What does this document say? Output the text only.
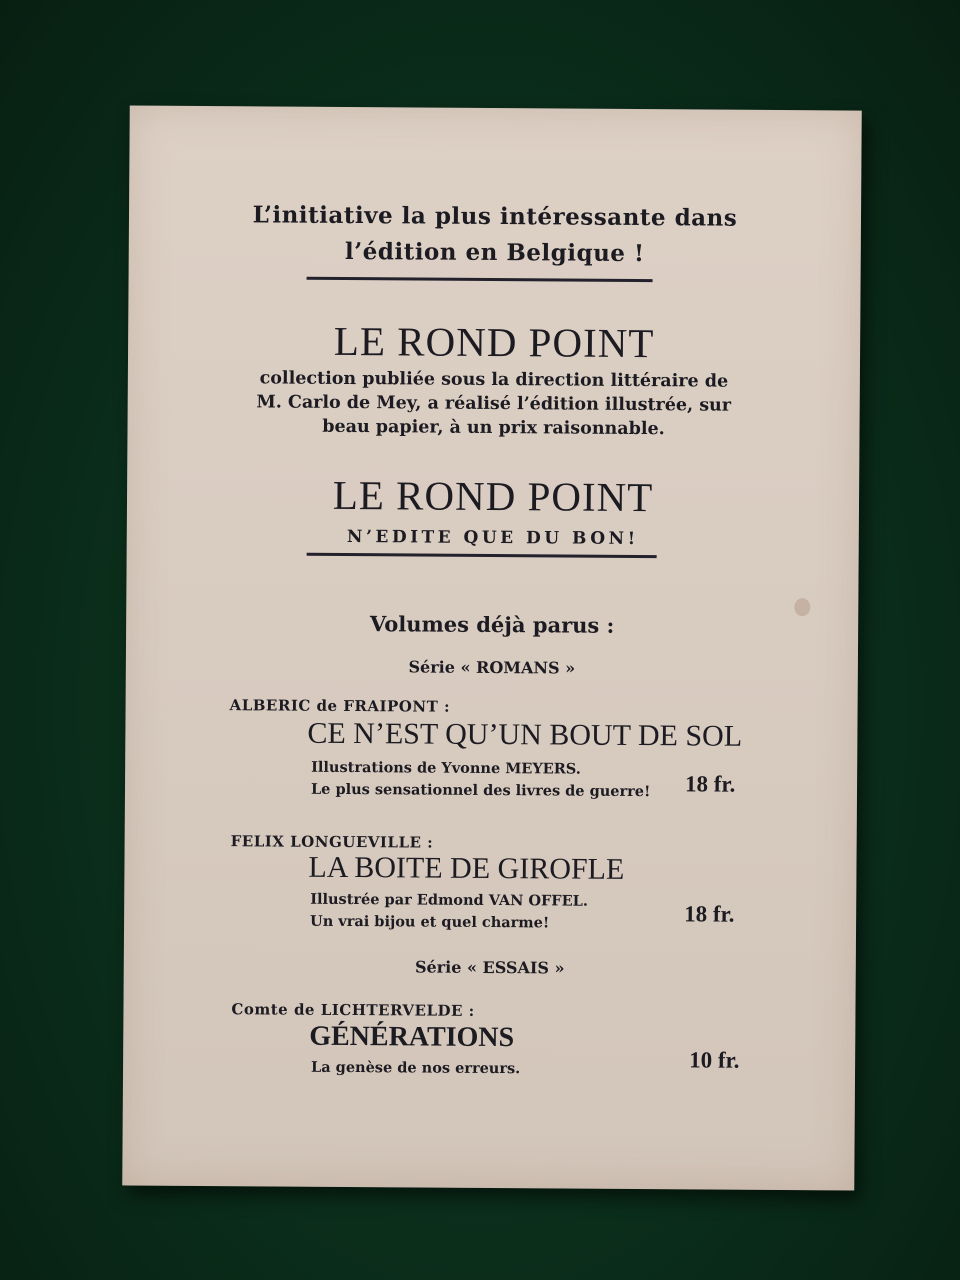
L’initiative la plus intéressante dans
l’édition en Belgique !
LE ROND POINT
collection publiée sous la direction littéraire de
M. Carlo de Mey, a réalisé l’édition illustrée, sur
beau papier, à un prix raisonnable.
LE ROND POINT
N’EDITE QUE DU BON!
Volumes déjà parus :
Série « ROMANS »
ALBERIC de FRAIPONT :
CE N’EST QU’UN BOUT DE SOL
Illustrations de Yvonne MEYERS.
Le plus sensationnel des livres de guerre! 18 fr.
FELIX LONGUEVILLE :
LA BOITE DE GIROFLE
Illustrée par Edmond VAN OFFEL.
Un vrai bijou et quel charme!	18 fr.
Série « ESSAIS »
Comte de LICHTERVELDE :
GÉNÉRATIONS
La genèse de nos erreurs.	10 fr.
